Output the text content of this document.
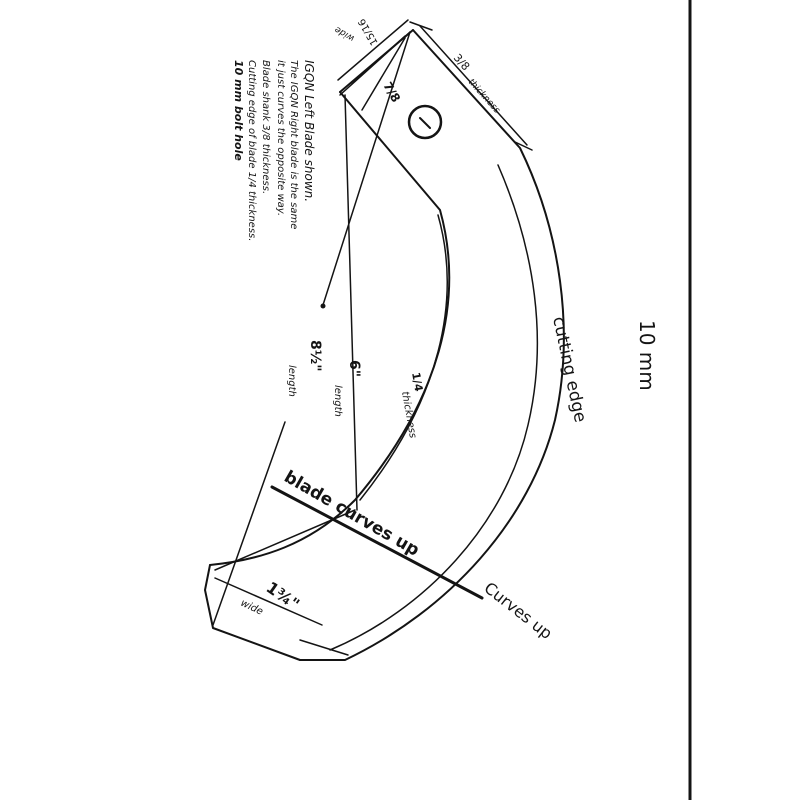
IGQN Left Blade shown.
The IGQN Right blade is the same
it just curves the opposite way.
Blade shank 3/8 thickness.
Cutting edge of blade 1/4 thickness.
10 mm bolt hole	3/8
thickness
15/16
wide
7/8
6"
length
8½"
length	1/4
thickness	cutting edge
blade curves up
Curves up
1¾"
wide
10 mm
